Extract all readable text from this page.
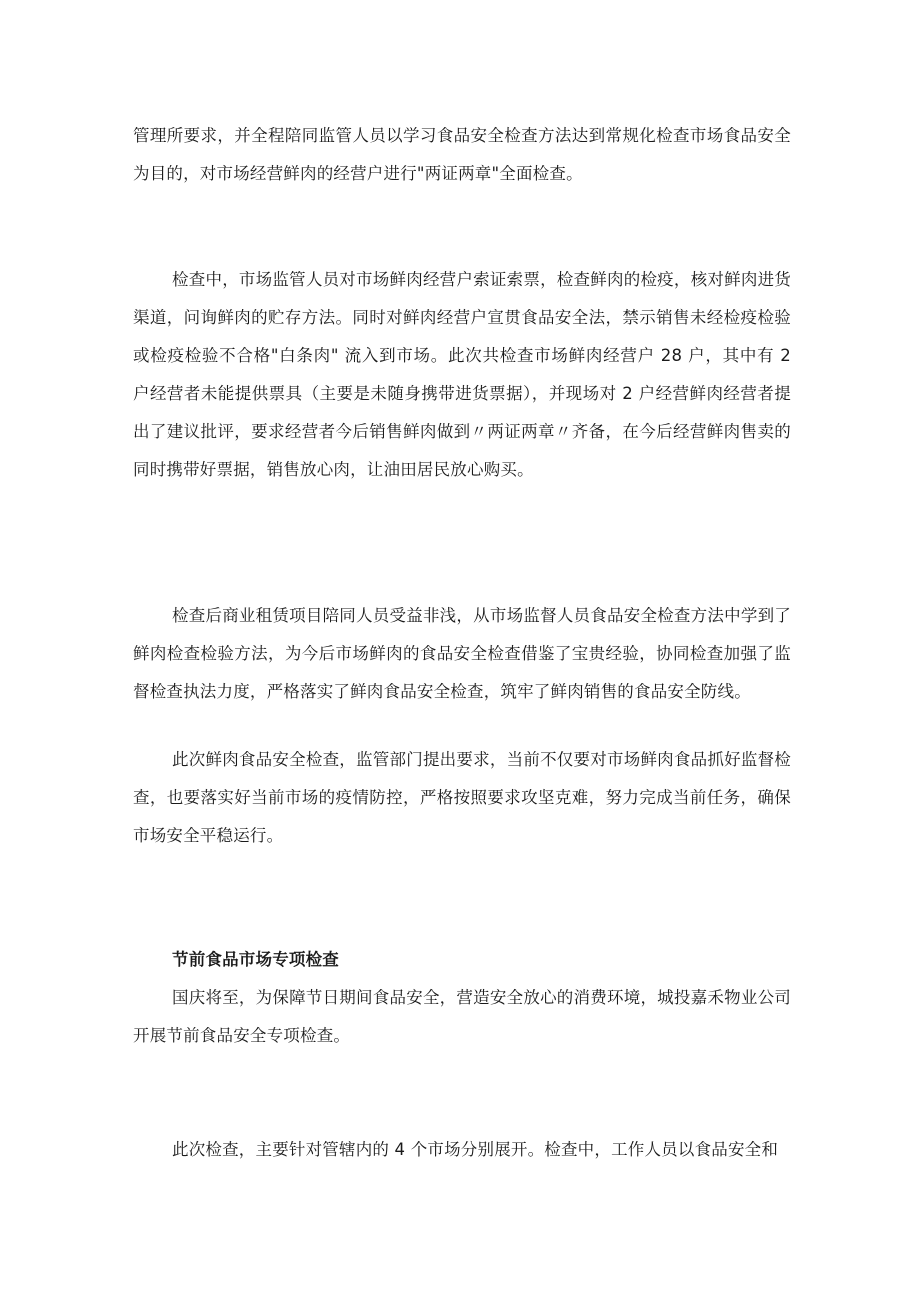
管理所要求，并全程陪同监管人员以学习食品安全检查方法达到常规化检查市场食品安全为目的，对市场经营鲜肉的经营户进行"两证两章"全面检查。

检查中，市场监管人员对市场鲜肉经营户索证索票，检查鲜肉的检疫，核对鲜肉进货渠道，问询鲜肉的贮存方法。同时对鲜肉经营户宣贯食品安全法，禁示销售未经检疫检验或检疫检验不合格"白条肉" 流入到市场。此次共检查市场鲜肉经营户 28 户，其中有 2 户经营者未能提供票具（主要是未随身携带进货票据），并现场对 2 户经营鲜肉经营者提出了建议批评，要求经营者今后销售鲜肉做到〃两证两章〃齐备，在今后经营鲜肉售卖的同时携带好票据，销售放心肉，让油田居民放心购买。

检查后商业租赁项目陪同人员受益非浅，从市场监督人员食品安全检查方法中学到了鲜肉检查检验方法，为今后市场鲜肉的食品安全检查借鉴了宝贵经验，协同检查加强了监督检查执法力度，严格落实了鲜肉食品安全检查，筑牢了鲜肉销售的食品安全防线。

此次鲜肉食品安全检查，监管部门提出要求，当前不仅要对市场鲜肉食品抓好监督检查，也要落实好当前市场的疫情防控，严格按照要求攻坚克难，努力完成当前任务，确保市场安全平稳运行。

节前食品市场专项检查

国庆将至，为保障节日期间食品安全，营造安全放心的消费环境，城投嘉禾物业公司开展节前食品安全专项检查。

此次检查，主要针对管辖内的 4 个市场分别展开。检查中，工作人员以食品安全和
